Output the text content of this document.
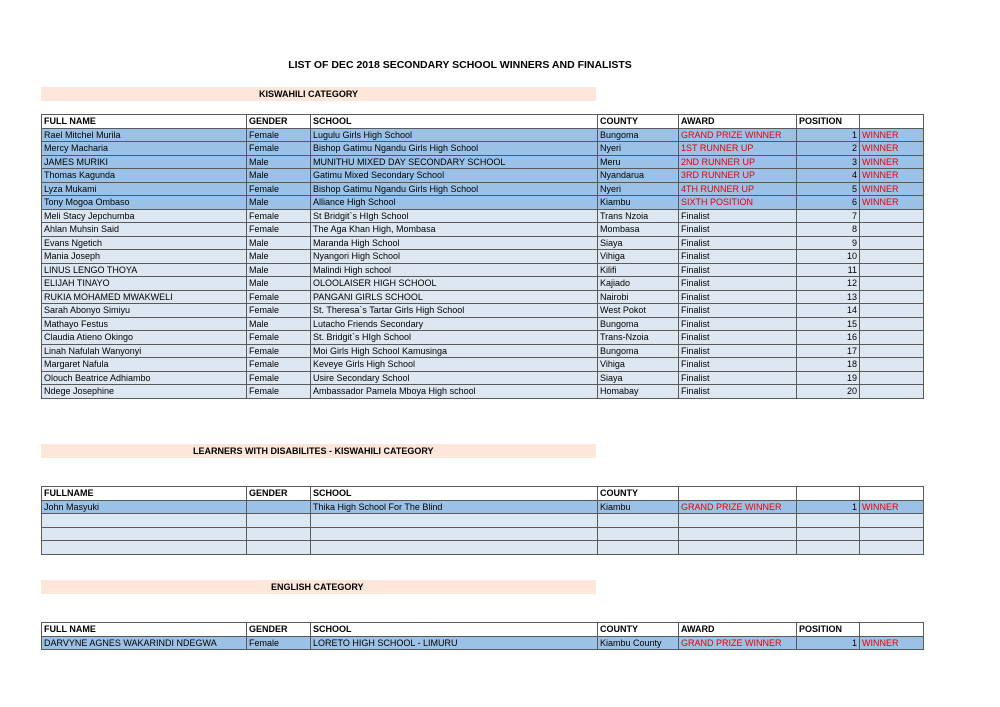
LIST OF DEC 2018 SECONDARY SCHOOL WINNERS AND FINALISTS
KISWAHILI CATEGORY
FULL NAME	GENDER	SCHOOL	COUNTY	AWARD	POSITION	
Rael Mitchel Murila	Female	Lugulu Girls High School	Bungoma	GRAND PRIZE WINNER	1	WINNER
Mercy Macharia	Female	Bishop Gatimu Ngandu Girls High School	Nyeri	1ST RUNNER UP	2	WINNER
JAMES MURIKI	Male	MUNITHU MIXED DAY SECONDARY SCHOOL	Meru	2ND RUNNER UP	3	WINNER
Thomas Kagunda	Male	Gatimu Mixed Secondary School	Nyandarua	3RD RUNNER UP	4	WINNER
Lyza Mukami	Female	Bishop Gatimu Ngandu Girls High School	Nyeri	4TH RUNNER UP	5	WINNER
Tony Mogoa Ombaso	Male	Alliance High School	Kiambu	SIXTH POSITION	6	WINNER
Meli Stacy Jepchumba	Female	St Bridgit`s HIgh School	Trans Nzoia	Finalist	7	
Ahlan Muhsin Said	Female	The Aga Khan High, Mombasa	Mombasa	Finalist	8	
Evans Ngetich	Male	Maranda High School	Siaya	Finalist	9	
Mania Joseph	Male	Nyangori High School	Vihiga	Finalist	10	
LINUS LENGO THOYA	Male	Malindi High school	Kilifi	Finalist	11	
ELIJAH TINAYO	Male	OLOOLAISER HIGH SCHOOL	Kajiado	Finalist	12	
RUKIA MOHAMED MWAKWELI	Female	PANGANI GIRLS SCHOOL	Nairobi	Finalist	13	
Sarah Abonyo Simiyu	Female	St. Theresa`s Tartar Girls High School	West Pokot	Finalist	14	
Mathayo Festus	Male	Lutacho Friends Secondary	Bungoma	Finalist	15	
Claudia Atieno Okingo	Female	St. Bridgit`s HIgh School	Trans-Nzoia	Finalist	16	
Linah Nafulah Wanyonyi	Female	Moi Girls High School Kamusinga	Bungoma	Finalist	17	
Margaret Nafula	Female	Keveye Girls High School	Vihiga	Finalist	18	
Olouch Beatrice Adhiambo	Female	Usire Secondary School	Siaya	Finalist	19	
Ndege Josephine	Female	Ambassador Pamela Mboya High school	Homabay	Finalist	20	
LEARNERS WITH DISABILITES - KISWAHILI CATEGORY
FULLNAME	GENDER	SCHOOL	COUNTY			
John Masyuki		Thika High School For The Blind	Kiambu	GRAND PRIZE WINNER	1	WINNER

ENGLISH CATEGORY
FULL NAME	GENDER	SCHOOL	COUNTY	AWARD	POSITION	
DARVYNE AGNES WAKARINDI NDEGWA	Female	LORETO HIGH SCHOOL - LIMURU	Kiambu County	GRAND PRIZE WINNER	1	WINNER
